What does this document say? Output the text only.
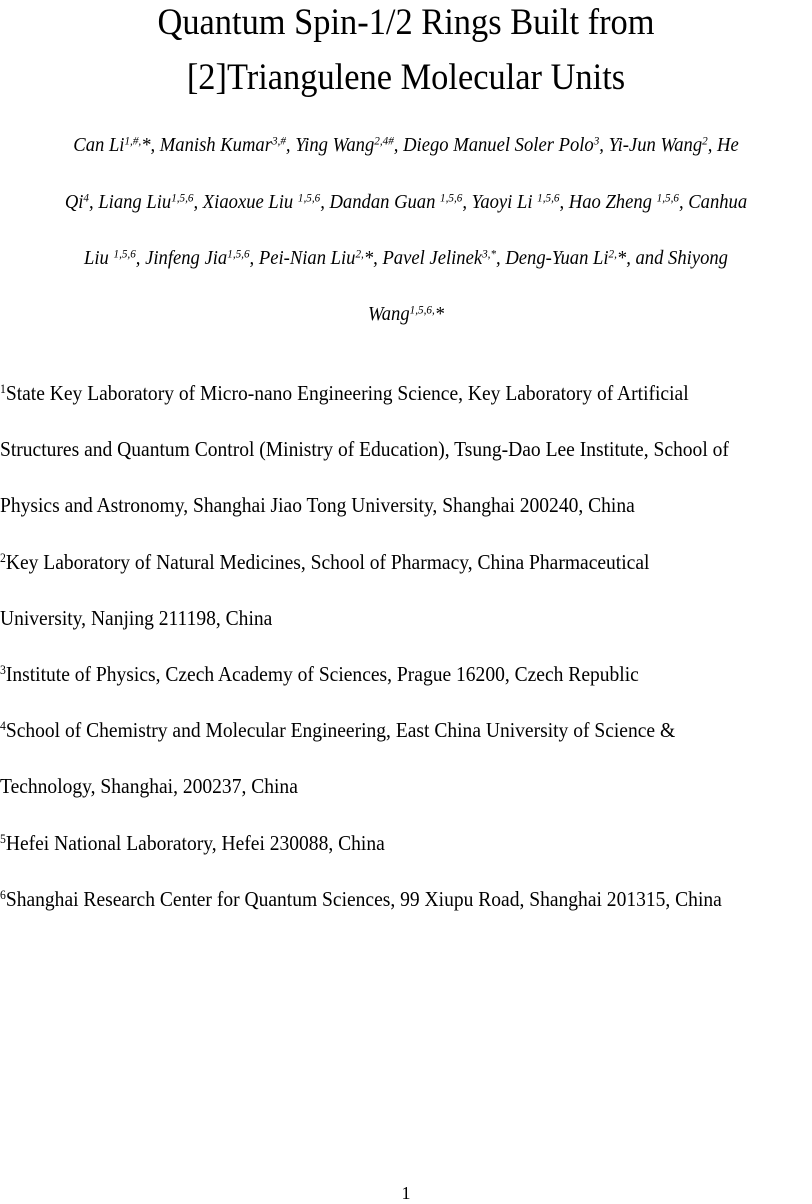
Quantum Spin-1/2 Rings Built from
[2]Triangulene Molecular Units
Can $Li^{1,\#,}*$, Manish Kumar$^{3,\#}$, Ying Wang$^{2,4\#}$, Diego Manuel Soler Polo$^3$, Yi-Jun Wang$^2$, He
Qi$^4$, Liang Liu$^{1,5,6}$, Xiaoxue Liu $^{1,5,6}$, Dandan Guan $^{1,5,6}$, Yaoyi Li $^{1,5,6}$, Hao Zheng $^{1,5,6}$, Canhua
Liu $^{1,5,6}$, Jinfeng Jia$^{1,5,6}$, Pei-Nian Liu$^{2,}$*, Pavel Jelinek$^{3,*}$, Deng-Yuan $Li^{2,}*$, and Shiyong
Wang$^{1,5,6,}$*
$^1$State Key Laboratory of Micro-nano Engineering Science, Key Laboratory of Artificial
Structures and Quantum Control (Ministry of Education), Tsung-Dao Lee Institute, School of
Physics and Astronomy, Shanghai Jiao Tong University, Shanghai 200240, China
$^2$Key Laboratory of Natural Medicines, School of Pharmacy, China Pharmaceutical
University, Nanjing 211198, China
$^3$Institute of Physics, Czech Academy of Sciences, Prague 16200, Czech Republic
$^4$School of Chemistry and Molecular Engineering, East China University of Science &
Technology, Shanghai, 200237, China
$^5$Hefei National Laboratory, Hefei 230088, China
$^6$Shanghai Research Center for Quantum Sciences, 99 Xiupu Road, Shanghai 201315, China
1
